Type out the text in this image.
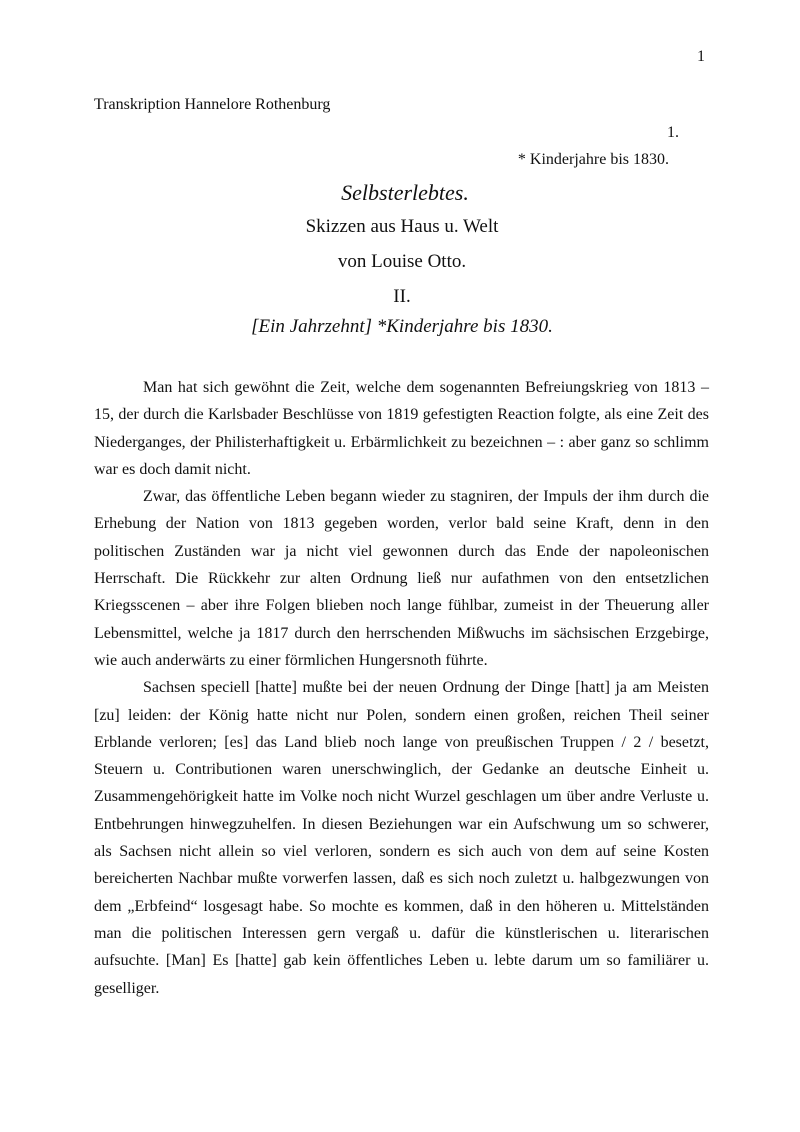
1
Transkription Hannelore Rothenburg
1.
* Kinderjahre bis 1830.
Selbsterlebtes.
Skizzen aus Haus u. Welt
von Louise Otto.
II.
[Ein Jahrzehnt] *Kinderjahre bis 1830.

Man hat sich gewöhnt die Zeit, welche dem sogenannten Befreiungskrieg von 1813 – 15, der durch die Karlsbader Beschlüsse von 1819 gefestigten Reaction folgte, als eine Zeit des Niederganges, der Philisterhaftigkeit u. Erbärmlichkeit zu bezeichnen – : aber ganz so schlimm war es doch damit nicht.

Zwar, das öffentliche Leben begann wieder zu stagniren, der Impuls der ihm durch die Erhebung der Nation von 1813 gegeben worden, verlor bald seine Kraft, denn in den politischen Zuständen war ja nicht viel gewonnen durch das Ende der napoleonischen Herrschaft. Die Rückkehr zur alten Ordnung ließ nur aufathmen von den entsetzlichen Kriegsscenen – aber ihre Folgen blieben noch lange fühlbar, zumeist in der Theuerung aller Lebensmittel, welche ja 1817 durch den herrschenden Mißwuchs im sächsischen Erzgebirge, wie auch anderwärts zu einer förmlichen Hungersnoth führte.

Sachsen speciell [hatte] mußte bei der neuen Ordnung der Dinge [hatt] ja am Meisten [zu] leiden: der König hatte nicht nur Polen, sondern einen großen, reichen Theil seiner Erblande verloren; [es] das Land blieb noch lange von preußischen Truppen / 2 / besetzt, Steuern u. Contributionen waren unerschwinglich, der Gedanke an deutsche Einheit u. Zusammengehörigkeit hatte im Volke noch nicht Wurzel geschlagen um über andre Verluste u. Entbehrungen hinwegzuhelfen. In diesen Beziehungen war ein Aufschwung um so schwerer, als Sachsen nicht allein so viel verloren, sondern es sich auch von dem auf seine Kosten bereicherten Nachbar mußte vorwerfen lassen, daß es sich noch zuletzt u. halbgezwungen von dem „Erbfeind“ losgesagt habe. So mochte es kommen, daß in den höheren u. Mittelständen man die politischen Interessen gern vergaß u. dafür die künstlerischen u. literarischen aufsuchte. [Man] Es [hatte] gab kein öffentliches Leben u. lebte darum um so familiärer u. geselliger.
